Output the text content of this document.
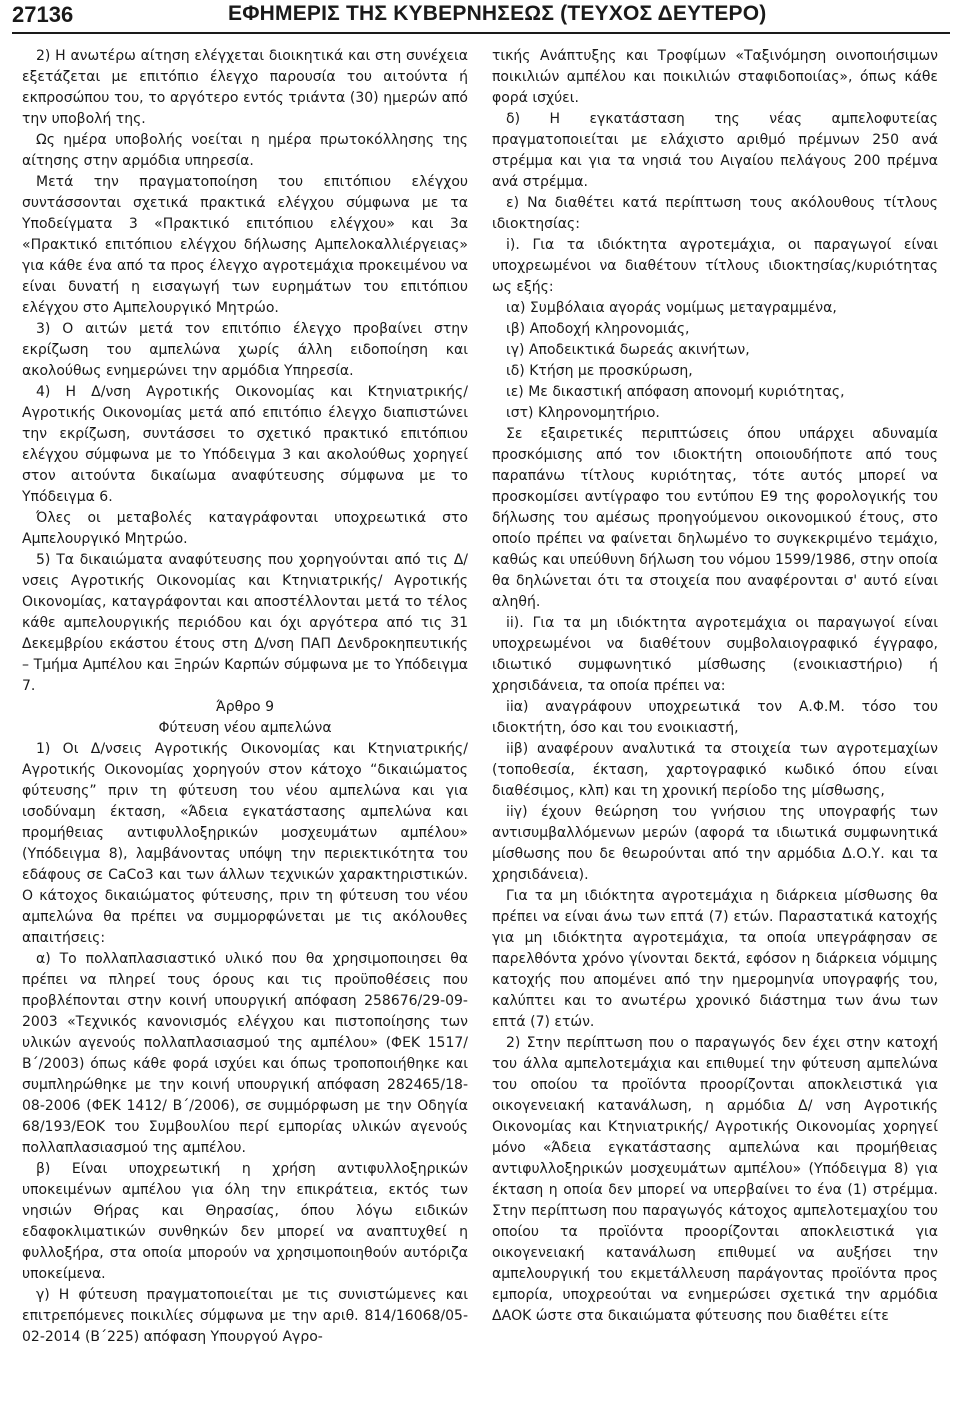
27136	ΕΦΗΜΕΡΙΣ ΤΗΣ ΚΥΒΕΡΝΗΣΕΩΣ (ΤΕΥΧΟΣ ΔΕΥΤΕΡΟ)

2) Η ανωτέρω αίτηση ελέγχεται διοικητικά και στη συνέχεια εξετάζεται με επιτόπιο έλεγχο παρουσία του αιτούντα ή εκπροσώπου του, το αργότερο εντός τριάντα (30) ημερών από την υποβολή της.

Ως ημέρα υποβολής νοείται η ημέρα πρωτοκόλλησης της αίτησης στην αρμόδια υπηρεσία.

Μετά την πραγματοποίηση του επιτόπιου ελέγχου συντάσσονται σχετικά πρακτικά ελέγχου σύμφωνα με τα Υποδείγματα 3 «Πρακτικό επιτόπιου ελέγχου» και 3α «Πρακτικό επιτόπιου ελέγχου δήλωσης Αμπελοκαλλιέργειας» για κάθε ένα από τα προς έλεγχο αγροτεμάχια προκειμένου να είναι δυνατή η εισαγωγή των ευρημάτων του επιτόπιου ελέγχου στο Αμπελουργικό Μητρώο.

3) Ο αιτών μετά τον επιτόπιο έλεγχο προβαίνει στην εκρίζωση του αμπελώνα χωρίς άλλη ειδοποίηση και ακολούθως ενημερώνει την αρμόδια Υπηρεσία.

4) Η Δ/νση Αγροτικής Οικονομίας και Κτηνιατρικής/ Αγροτικής Οικονομίας μετά από επιτόπιο έλεγχο διαπιστώνει την εκρίζωση, συντάσσει το σχετικό πρακτικό επιτόπιου ελέγχου σύμφωνα με το Υπόδειγμα 3 και ακολούθως χορηγεί στον αιτούντα δικαίωμα αναφύτευσης σύμφωνα με το Υπόδειγμα 6.

Όλες οι μεταβολές καταγράφονται υποχρεωτικά στο Αμπελουργικό Μητρώο.

5) Τα δικαιώματα αναφύτευσης που χορηγούνται από τις Δ/νσεις Αγροτικής Οικονομίας και Κτηνιατρικής/ Αγροτικής Οικονομίας, καταγράφονται και αποστέλλονται μετά το τέλος κάθε αμπελουργικής περιόδου και όχι αργότερα από τις 31 Δεκεμβρίου εκάστου έτους στη Δ/νση ΠΑΠ Δενδροκηπευτικής – Τμήμα Αμπέλου και Ξηρών Καρπών σύμφωνα με το Υπόδειγμα 7.

Άρθρο 9

Φύτευση νέου αμπελώνα

1) Οι Δ/νσεις Αγροτικής Οικονομίας και Κτηνιατρικής/ Αγροτικής Οικονομίας χορηγούν στον κάτοχο “δικαιώματος φύτευσης” πριν τη φύτευση του νέου αμπελώνα και για ισοδύναμη έκταση, «Άδεια εγκατάστασης αμπελώνα και προμήθειας αντιφυλλοξηρικών μοσχευμάτων αμπέλου» (Υπόδειγμα 8), λαμβάνοντας υπόψη την περιεκτικότητα του εδάφους σε CaCo3 και των άλλων τεχνικών χαρακτηριστικών. Ο κάτοχος δικαιώματος φύτευσης, πριν τη φύτευση του νέου αμπελώνα θα πρέπει να συμμορφώνεται με τις ακόλουθες απαιτήσεις:

α) Το πολλαπλασιαστικό υλικό που θα χρησιμοποιησει θα πρέπει να πληρεί τους όρους και τις προϋποθέσεις που προβλέπονται στην κοινή υπουργική απόφαση 258676/29-09-2003 «Τεχνικός κανονισμός ελέγχου και πιστοποίησης των υλικών αγενούς πολλαπλασιασμού της αμπέλου» (ΦΕΚ 1517/Β΄/2003) όπως κάθε φορά ισχύει και όπως τροποποιήθηκε και συμπληρώθηκε με την κοινή υπουργική απόφαση 282465/18-08-2006 (ΦΕΚ 1412/ Β΄/2006), σε συμμόρφωση με την Οδηγία 68/193/ΕΟΚ του Συμβουλίου περί εμπορίας υλικών αγενούς πολλαπλασιασμού της αμπέλου.

β) Είναι υποχρεωτική η χρήση αντιφυλλοξηρικών υποκειμένων αμπέλου για όλη την επικράτεια, εκτός των νησιών Θήρας και Θηρασίας, όπου λόγω ειδικών εδαφοκλιματικών συνθηκών δεν μπορεί να αναπτυχθεί η φυλλοξήρα, στα οποία μπορούν να χρησιμοποιηθούν αυτόριζα υποκείμενα.

γ) Η φύτευση πραγματοποιείται με τις συνιστώμενες και επιτρεπόμενες ποικιλίες σύμφωνα με την αριθ. 814/16068/05-02-2014 (Β΄225) απόφαση Υπουργού Αγρο-

τικής Ανάπτυξης και Τροφίμων «Ταξινόμηση οινοποιήσιμων ποικιλιών αμπέλου και ποικιλιών σταφιδοποιίας», όπως κάθε φορά ισχύει.

δ) Η εγκατάσταση της νέας αμπελοφυτείας πραγματοποιείται με ελάχιστο αριθμό πρέμνων 250 ανά στρέμμα και για τα νησιά του Αιγαίου πελάγους 200 πρέμνα ανά στρέμμα.

ε) Να διαθέτει κατά περίπτωση τους ακόλουθους τίτλους ιδιοκτησίας:

i). Για τα ιδιόκτητα αγροτεμάχια, οι παραγωγοί είναι υποχρεωμένοι να διαθέτουν τίτλους ιδιοκτησίας/κυριότητας ως εξής:

ια) Συμβόλαια αγοράς νομίμως μεταγραμμένα,

ιβ) Αποδοχή κληρονομιάς,

ιγ) Αποδεικτικά δωρεάς ακινήτων,

ιδ) Κτήση με προσκύρωση,

ιε) Με δικαστική απόφαση απονομή κυριότητας,

ιστ) Κληρονομητήριο.

Σε εξαιρετικές περιπτώσεις όπου υπάρχει αδυναμία προσκόμισης από τον ιδιοκτήτη οποιουδήποτε από τους παραπάνω τίτλους κυριότητας, τότε αυτός μπορεί να προσκομίσει αντίγραφο του εντύπου Ε9 της φορολογικής του δήλωσης του αμέσως προηγούμενου οικονομικού έτους, στο οποίο πρέπει να φαίνεται δηλωμένο το συγκεκριμένο τεμάχιο, καθώς και υπεύθυνη δήλωση του νόμου 1599/1986, στην οποία θα δηλώνεται ότι τα στοιχεία που αναφέρονται σ' αυτό είναι αληθή.

ii). Για τα μη ιδιόκτητα αγροτεμάχια οι παραγωγοί είναι υποχρεωμένοι να διαθέτουν συμβολαιογραφικό έγγραφο, ιδιωτικό συμφωνητικό μίσθωσης (ενοικιαστήριο) ή χρησιδάνεια, τα οποία πρέπει να:

iiα) αναγράφουν υποχρεωτικά τον Α.Φ.Μ. τόσο του ιδιοκτήτη, όσο και του ενοικιαστή,

iiβ) αναφέρουν αναλυτικά τα στοιχεία των αγροτεμαχίων (τοποθεσία, έκταση, χαρτογραφικό κωδικό όπου είναι διαθέσιμος, κλπ) και τη χρονική περίοδο της μίσθωσης,

iiγ) έχουν θεώρηση του γνήσιου της υπογραφής των αντισυμβαλλόμενων μερών (αφορά τα ιδιωτικά συμφωνητικά μίσθωσης που δε θεωρούνται από την αρμόδια Δ.Ο.Υ. και τα χρησιδάνεια).

Για τα μη ιδιόκτητα αγροτεμάχια η διάρκεια μίσθωσης θα πρέπει να είναι άνω των επτά (7) ετών. Παραστατικά κατοχής για μη ιδιόκτητα αγροτεμάχια, τα οποία υπεγράφησαν σε παρελθόντα χρόνο γίνονται δεκτά, εφόσον η διάρκεια νόμιμης κατοχής που απομένει από την ημερομηνία υπογραφής του, καλύπτει και το ανωτέρω χρονικό διάστημα των άνω των επτά (7) ετών.

2) Στην περίπτωση που ο παραγωγός δεν έχει στην κατοχή του άλλα αμπελοτεμάχια και επιθυμεί την φύτευση αμπελώνα του οποίου τα προϊόντα προορίζονται αποκλειστικά για οικογενειακή κατανάλωση, η αρμόδια Δ/ νση Αγροτικής Οικονομίας και Κτηνιατρικής/ Αγροτικής Οικονομίας χορηγεί μόνο «Άδεια εγκατάστασης αμπελώνα και προμήθειας αντιφυλλοξηρικών μοσχευμάτων αμπέλου» (Υπόδειγμα 8) για έκταση η οποία δεν μπορεί να υπερβαίνει το ένα (1) στρέμμα. Στην περίπτωση που παραγωγός κάτοχος αμπελοτεμαχίου του οποίου τα προϊόντα προορίζονται αποκλειστικά για οικογενειακή κατανάλωση επιθυμεί να αυξήσει την αμπελουργική του εκμετάλλευση παράγοντας προϊόντα προς εμπορία, υποχρεούται να ενημερώσει σχετικά την αρμόδια ΔΑΟΚ ώστε στα δικαιώματα φύτευσης που διαθέτει είτε
